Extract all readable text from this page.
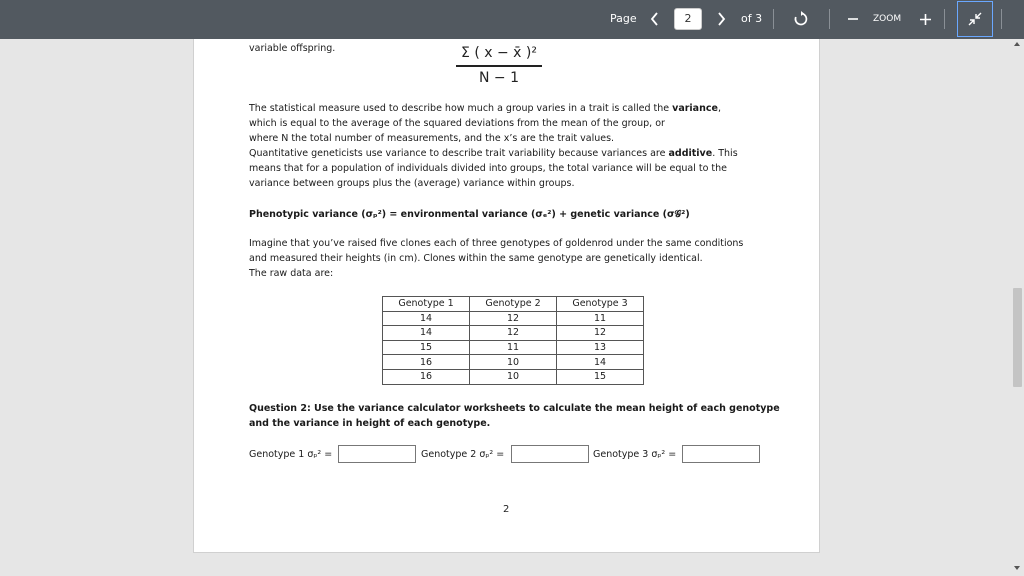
Page	2	of 3	ZOOM
variable offspring.	Σ ( x − x̄ )²
N − 1
The statistical measure used to describe how much a group varies in a trait is called the variance,
which is equal to the average of the squared deviations from the mean of the group, or
where N the total number of measurements, and the x’s are the trait values.
Quantitative geneticists use variance to describe trait variability because variances are additive. This
means that for a population of individuals divided into groups, the total variance will be equal to the
variance between groups plus the (average) variance within groups.
Phenotypic variance (σₚ²) = environmental variance (σₑ²) + genetic variance (σ𝒢²)
Imagine that you’ve raised five clones each of three genotypes of goldenrod under the same conditions
and measured their heights (in cm). Clones within the same genotype are genetically identical.
The raw data are:
Genotype 1	Genotype 2	Genotype 3
14	12	11
14	12	12
15	11	13
16	10	14
16	10	15
Question 2: Use the variance calculator worksheets to calculate the mean height of each genotype
and the variance in height of each genotype.
Genotype 1 σₚ² =	Genotype 2 σₚ² =	Genotype 3 σₚ² =
2
